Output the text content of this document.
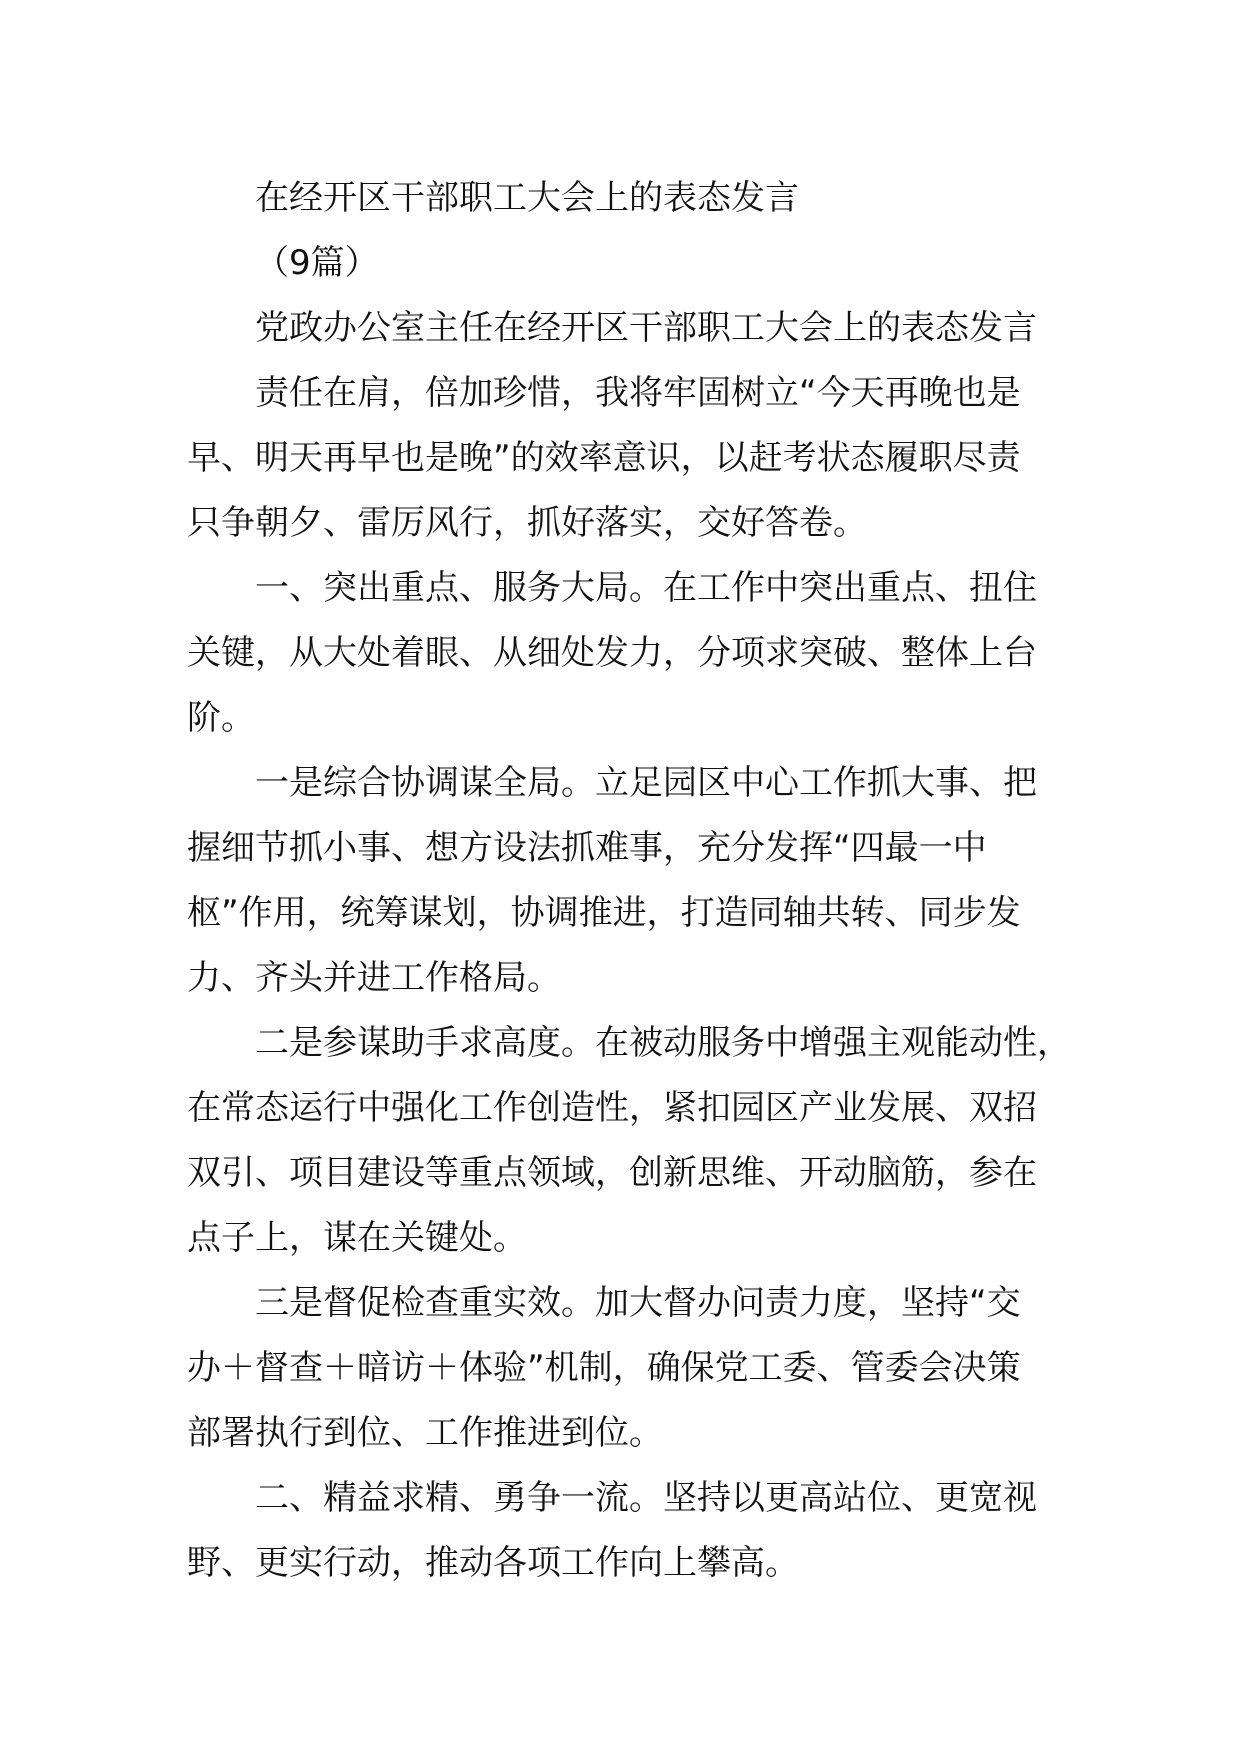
在经开区干部职工大会上的表态发言
（9篇）
党政办公室主任在经开区干部职工大会上的表态发言
责任在肩，倍加珍惜，我将牢固树立“今天再晚也是
早、明天再早也是晚”的效率意识，以赶考状态履职尽责
只争朝夕、雷厉风行，抓好落实，交好答卷。
一、突出重点、服务大局。在工作中突出重点、扭住
关键，从大处着眼、从细处发力，分项求突破、整体上台
阶。
一是综合协调谋全局。立足园区中心工作抓大事、把
握细节抓小事、想方设法抓难事，充分发挥“四最一中
枢”作用，统筹谋划，协调推进，打造同轴共转、同步发
力、齐头并进工作格局。
二是参谋助手求高度。在被动服务中增强主观能动性，
在常态运行中强化工作创造性，紧扣园区产业发展、双招
双引、项目建设等重点领域，创新思维、开动脑筋，参在
点子上，谋在关键处。
三是督促检查重实效。加大督办问责力度，坚持“交
办＋督查＋暗访＋体验”机制，确保党工委、管委会决策
部署执行到位、工作推进到位。
二、精益求精、勇争一流。坚持以更高站位、更宽视
野、更实行动，推动各项工作向上攀高。
